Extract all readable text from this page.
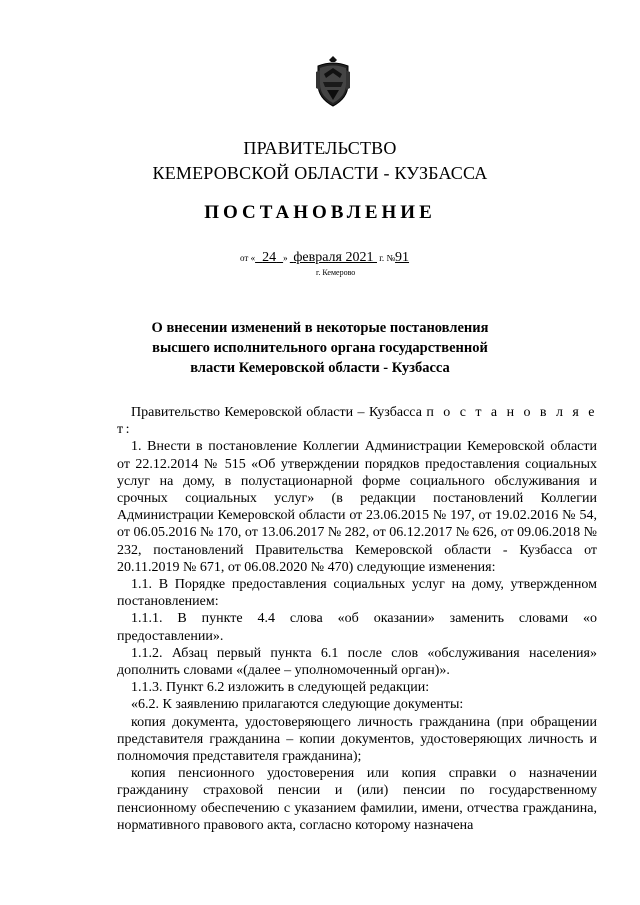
ПРАВИТЕЛЬСТВО
КЕМЕРОВСКОЙ ОБЛАСТИ - КУЗБАССА
ПОСТАНОВЛЕНИЕ
от « 24 » февраля 2021 г. №91
г. Кемерово
О внесении изменений в некоторые постановления
высшего исполнительного органа государственной
власти Кемеровской области - Кузбасса

Правительство Кемеровской области – Кузбасса п о с т а н о в л я е т:

1. Внести в постановление Коллегии Администрации Кемеровской области от 22.12.2014 № 515 «Об утверждении порядков предоставления социальных услуг на дому, в полустационарной форме социального обслуживания и срочных социальных услуг» (в редакции постановлений Коллегии Администрации Кемеровской области от 23.06.2015 № 197, от 19.02.2016 № 54, от 06.05.2016 № 170, от 13.06.2017 № 282, от 06.12.2017 № 626, от 09.06.2018 № 232, постановлений Правительства Кемеровской области - Кузбасса от 20.11.2019 № 671, от 06.08.2020 № 470) следующие изменения:

1.1. В Порядке предоставления социальных услуг на дому, утвержденном постановлением:

1.1.1. В пункте 4.4 слова «об оказании» заменить словами «о предоставлении».

1.1.2. Абзац первый пункта 6.1 после слов «обслуживания населения» дополнить словами «(далее – уполномоченный орган)».

1.1.3. Пункт 6.2 изложить в следующей редакции:

«6.2. К заявлению прилагаются следующие документы:

копия документа, удостоверяющего личность гражданина (при обращении представителя гражданина – копии документов, удостоверяющих личность и полномочия представителя гражданина);

копия пенсионного удостоверения или копия справки о назначении гражданину страховой пенсии и (или) пенсии по государственному пенсионному обеспечению с указанием фамилии, имени, отчества гражданина, нормативного правового акта, согласно которому назначена
